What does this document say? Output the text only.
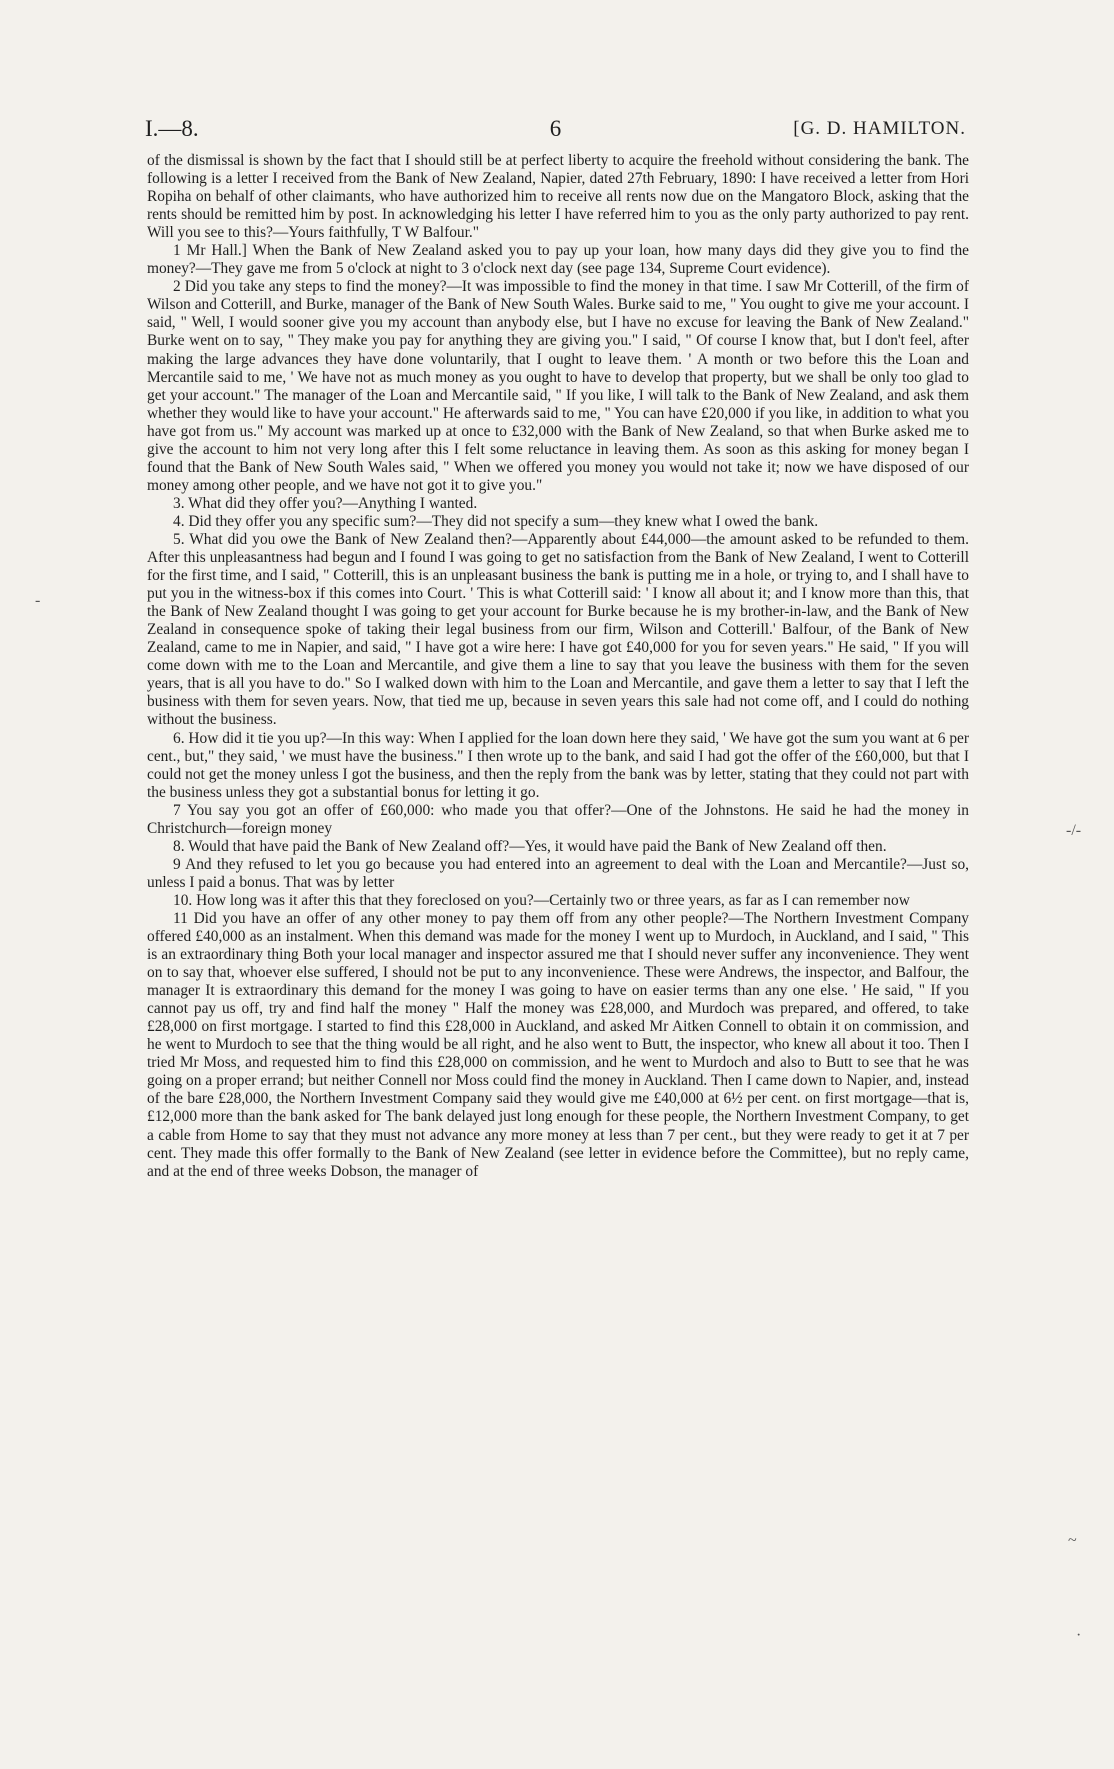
I.—8.	6	[G. D. HAMILTON.

of the dismissal is shown by the fact that I should still be at perfect liberty to acquire the freehold without considering the bank. The following is a letter I received from the Bank of New Zealand, Napier, dated 27th February, 1890: I have received a letter from Hori Ropiha on behalf of other claimants, who have authorized him to receive all rents now due on the Mangatoro Block, asking that the rents should be remitted him by post. In acknowledging his letter I have referred him to you as the only party authorized to pay rent. Will you see to this?—Yours faithfully, T W Balfour."

1 Mr Hall.] When the Bank of New Zealand asked you to pay up your loan, how many days did they give you to find the money?—They gave me from 5 o'clock at night to 3 o'clock next day (see page 134, Supreme Court evidence).

2 Did you take any steps to find the money?—It was impossible to find the money in that time. I saw Mr Cotterill, of the firm of Wilson and Cotterill, and Burke, manager of the Bank of New South Wales. Burke said to me, " You ought to give me your account. I said, " Well, I would sooner give you my account than anybody else, but I have no excuse for leaving the Bank of New Zealand." Burke went on to say, " They make you pay for anything they are giving you." I said, " Of course I know that, but I don't feel, after making the large advances they have done voluntarily, that I ought to leave them. ' A month or two before this the Loan and Mercantile said to me, ' We have not as much money as you ought to have to develop that property, but we shall be only too glad to get your account." The manager of the Loan and Mercantile said, " If you like, I will talk to the Bank of New Zealand, and ask them whether they would like to have your account." He afterwards said to me, " You can have £20,000 if you like, in addition to what you have got from us." My account was marked up at once to £32,000 with the Bank of New Zealand, so that when Burke asked me to give the account to him not very long after this I felt some reluctance in leaving them. As soon as this asking for money began I found that the Bank of New South Wales said, " When we offered you money you would not take it; now we have disposed of our money among other people, and we have not got it to give you."

3. What did they offer you?—Anything I wanted.

4. Did they offer you any specific sum?—They did not specify a sum—they knew what I owed the bank.

5. What did you owe the Bank of New Zealand then?—Apparently about £44,000—the amount asked to be refunded to them. After this unpleasantness had begun and I found I was going to get no satisfaction from the Bank of New Zealand, I went to Cotterill for the first time, and I said, " Cotterill, this is an unpleasant business the bank is putting me in a hole, or trying to, and I shall have to put you in the witness-box if this comes into Court. ' This is what Cotterill said: ' I know all about it; and I know more than this, that the Bank of New Zealand thought I was going to get your account for Burke because he is my brother-in-law, and the Bank of New Zealand in consequence spoke of taking their legal business from our firm, Wilson and Cotterill.' Balfour, of the Bank of New Zealand, came to me in Napier, and said, " I have got a wire here: I have got £40,000 for you for seven years." He said, " If you will come down with me to the Loan and Mercantile, and give them a line to say that you leave the business with them for the seven years, that is all you have to do." So I walked down with him to the Loan and Mercantile, and gave them a letter to say that I left the business with them for seven years. Now, that tied me up, because in seven years this sale had not come off, and I could do nothing without the business.

6. How did it tie you up?—In this way: When I applied for the loan down here they said, ' We have got the sum you want at 6 per cent., but," they said, ' we must have the business." I then wrote up to the bank, and said I had got the offer of the £60,000, but that I could not get the money unless I got the business, and then the reply from the bank was by letter, stating that they could not part with the business unless they got a substantial bonus for letting it go.

7 You say you got an offer of £60,000: who made you that offer?—One of the Johnstons. He said he had the money in Christchurch—foreign money

8. Would that have paid the Bank of New Zealand off?—Yes, it would have paid the Bank of New Zealand off then.

9 And they refused to let you go because you had entered into an agreement to deal with the Loan and Mercantile?—Just so, unless I paid a bonus. That was by letter

10. How long was it after this that they foreclosed on you?—Certainly two or three years, as far as I can remember now

11 Did you have an offer of any other money to pay them off from any other people?—The Northern Investment Company offered £40,000 as an instalment. When this demand was made for the money I went up to Murdoch, in Auckland, and I said, " This is an extraordinary thing Both your local manager and inspector assured me that I should never suffer any inconvenience. They went on to say that, whoever else suffered, I should not be put to any inconvenience. These were Andrews, the inspector, and Balfour, the manager It is extraordinary this demand for the money I was going to have on easier terms than any one else. ' He said, " If you cannot pay us off, try and find half the money " Half the money was £28,000, and Murdoch was prepared, and offered, to take £28,000 on first mortgage. I started to find this £28,000 in Auckland, and asked Mr Aitken Connell to obtain it on commission, and he went to Murdoch to see that the thing would be all right, and he also went to Butt, the inspector, who knew all about it too. Then I tried Mr Moss, and requested him to find this £28,000 on commission, and he went to Murdoch and also to Butt to see that he was going on a proper errand; but neither Connell nor Moss could find the money in Auckland. Then I came down to Napier, and, instead of the bare £28,000, the Northern Investment Company said they would give me £40,000 at 6½ per cent. on first mortgage—that is, £12,000 more than the bank asked for The bank delayed just long enough for these people, the Northern Investment Company, to get a cable from Home to say that they must not advance any more money at less than 7 per cent., but they were ready to get it at 7 per cent. They made this offer formally to the Bank of New Zealand (see letter in evidence before the Committee), but no reply came, and at the end of three weeks Dobson, the manager of

-
-/-
~
·
